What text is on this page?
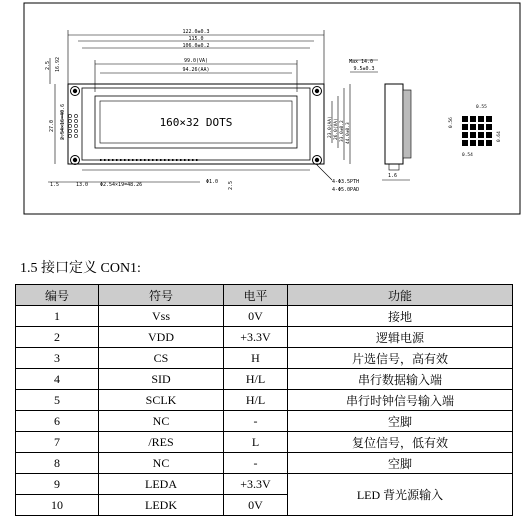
122.0±0.3
115.0
106.0±0.2
99.0(VA)
94.26(AA)
Max 14.0
9.5±0.3
160×32 DOTS
2.5 16.92
2.54×16=40.6
27.0	23.0(AA) 26.0(VA) 33.0±0.2 44.0±0.3
1.5	13.0 Φ2.54×19=48.26	Φ1.0 2.5
1.6
4-Φ3.5PTH
4-Φ5.0PAD
0.55
0.56
0.54
0.64
1.5 接口定义 CON1:
编号	符号	电平	功能
1	Vss	0V	接地
2	VDD	+3.3V	逻辑电源
3	CS	H	片选信号，高有效
4	SID	H/L	串行数据输入端
5	SCLK	H/L	串行时钟信号输入端
6	NC	-	空脚
7	/RES	L	复位信号，低有效
8	NC	-	空脚
9	LEDA	+3.3V	LED 背光源输入
10	LEDK	0V	
